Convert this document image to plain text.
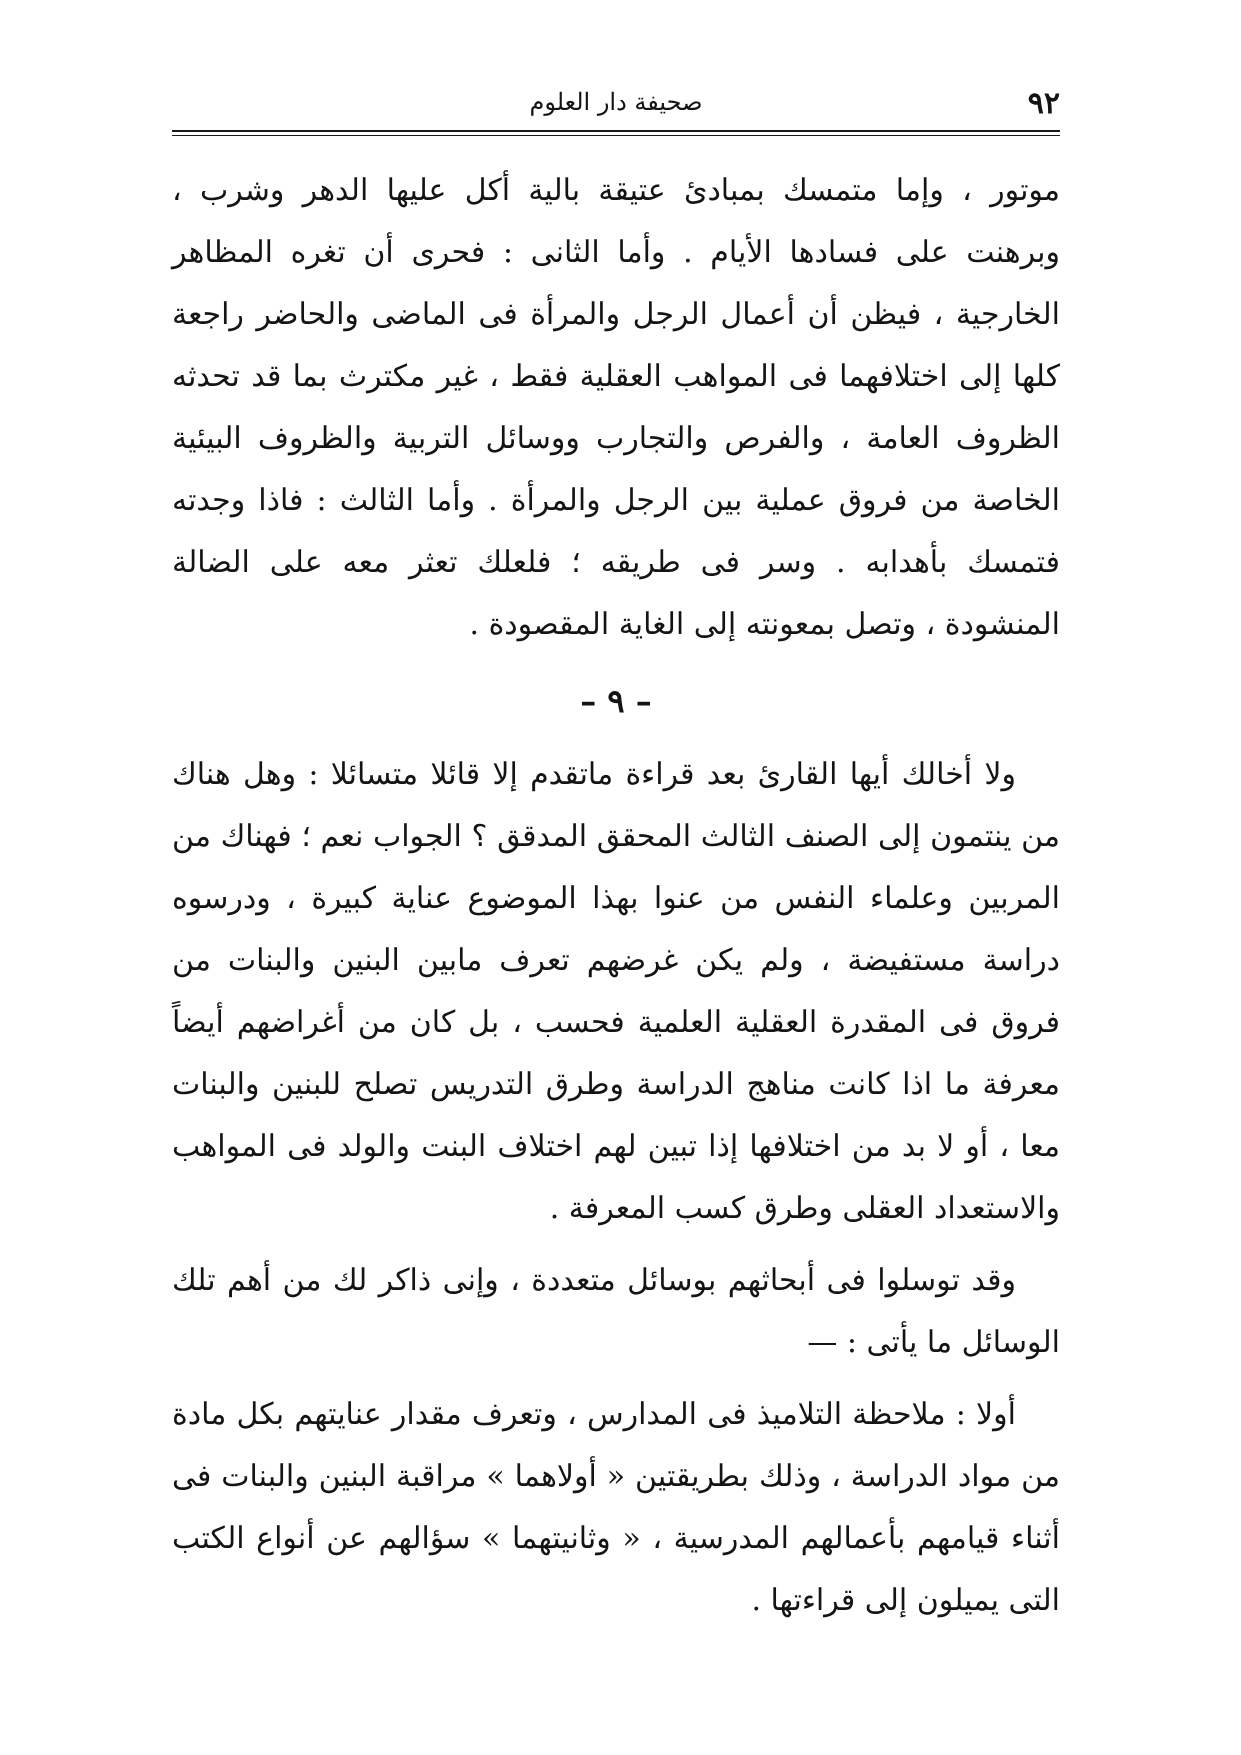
٩٢
صحيفة دار العلوم

موتور ، وإما متمسك بمبادئ عتيقة بالية أكل عليها الدهر وشرب ، وبرهنت على فسادها الأيام . وأما الثانى : فحرى أن تغره المظاهر الخارجية ، فيظن أن أعمال الرجل والمرأة فى الماضى والحاضر راجعة كلها إلى اختلافهما فى المواهب العقلية فقط ، غير مكترث بما قد تحدثه الظروف العامة ، والفرص والتجارب ووسائل التربية والظروف البيئية الخاصة من فروق عملية بين الرجل والمرأة . وأما الثالث : فاذا وجدته فتمسك بأهدابه . وسر فى طريقه ؛ فلعلك تعثر معه على الضالة المنشودة ، وتصل بمعونته إلى الغاية المقصودة .

– ٩ –

ولا أخالك أيها القارئ بعد قراءة ماتقدم إلا قائلا متسائلا : وهل هناك من ينتمون إلى الصنف الثالث المحقق المدقق ؟ الجواب نعم ؛ فهناك من المربين وعلماء النفس من عنوا بهذا الموضوع عناية كبيرة ، ودرسوه دراسة مستفيضة ، ولم يكن غرضهم تعرف مابين البنين والبنات من فروق فى المقدرة العقلية العلمية فحسب ، بل كان من أغراضهم أيضاً معرفة ما اذا كانت مناهج الدراسة وطرق التدريس تصلح للبنين والبنات معا ، أو لا بد من اختلافها إذا تبين لهم اختلاف البنت والولد فى المواهب والاستعداد العقلى وطرق كسب المعرفة .

وقد توسلوا فى أبحاثهم بوسائل متعددة ، وإنى ذاكر لك من أهم تلك الوسائل ما يأتى : —

أولا : ملاحظة التلاميذ فى المدارس ، وتعرف مقدار عنايتهم بكل مادة من مواد الدراسة ، وذلك بطريقتين « أولاهما » مراقبة البنين والبنات فى أثناء قيامهم بأعمالهم المدرسية ، « وثانيتهما » سؤالهم عن أنواع الكتب التى يميلون إلى قراءتها .
